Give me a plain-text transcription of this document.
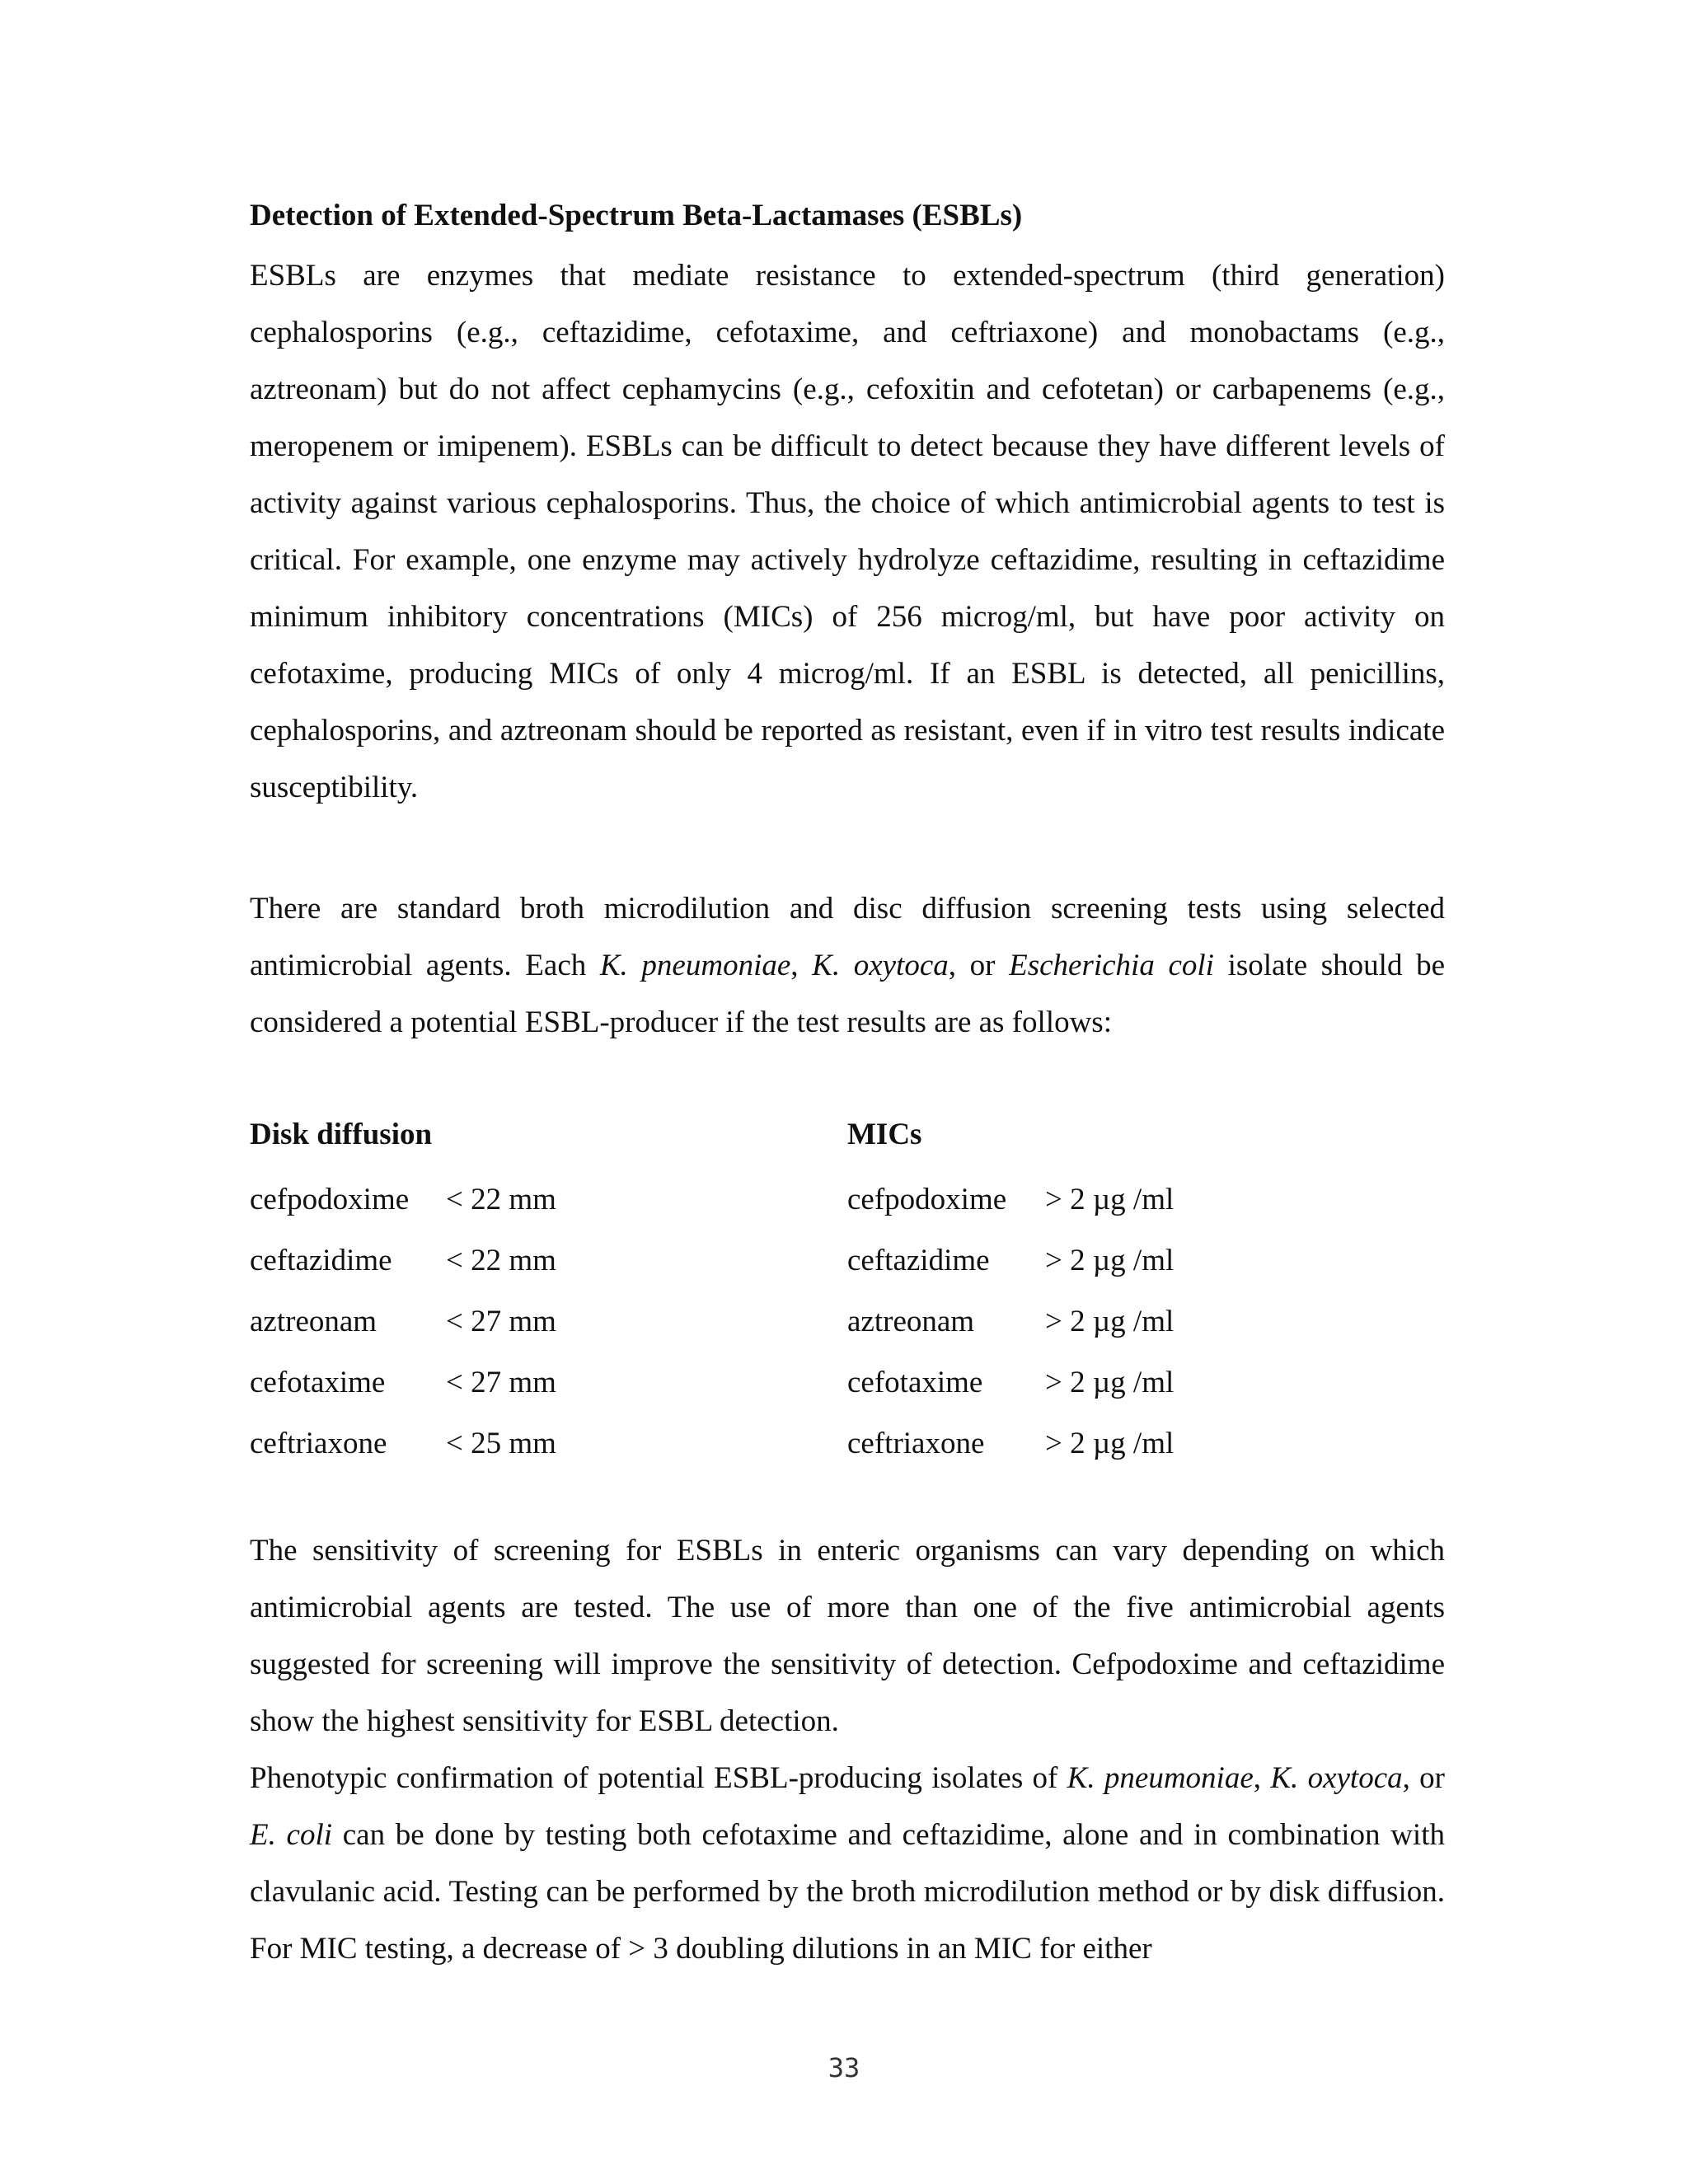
Detection of Extended-Spectrum Beta-Lactamases (ESBLs)

ESBLs are enzymes that mediate resistance to extended-spectrum (third generation) cephalosporins (e.g., ceftazidime, cefotaxime, and ceftriaxone) and monobactams (e.g., aztreonam) but do not affect cephamycins (e.g., cefoxitin and cefotetan) or carbapenems (e.g., meropenem or imipenem). ESBLs can be difficult to detect because they have different levels of activity against various cephalosporins. Thus, the choice of which antimicrobial agents to test is critical. For example, one enzyme may actively hydrolyze ceftazidime, resulting in ceftazidime minimum inhibitory concentrations (MICs) of 256 microg/ml, but have poor activity on cefotaxime, producing MICs of only 4 microg/ml. If an ESBL is detected, all penicillins, cephalosporins, and aztreonam should be reported as resistant, even if in vitro test results indicate susceptibility.

There are standard broth microdilution and disc diffusion screening tests using selected antimicrobial agents. Each K. pneumoniae, K. oxytoca, or Escherichia coli isolate should be considered a potential ESBL-producer if the test results are as follows:

Disk diffusion
cefpodoxime < 22 mm
ceftazidime < 22 mm
aztreonam < 27 mm
cefotaxime < 27 mm
ceftriaxone < 25 mm
MICs
cefpodoxime > 2 µg /ml
ceftazidime > 2 µg /ml
aztreonam > 2 µg /ml
cefotaxime > 2 µg /ml
ceftriaxone > 2 µg /ml

The sensitivity of screening for ESBLs in enteric organisms can vary depending on which antimicrobial agents are tested. The use of more than one of the five antimicrobial agents suggested for screening will improve the sensitivity of detection. Cefpodoxime and ceftazidime show the highest sensitivity for ESBL detection.

Phenotypic confirmation of potential ESBL-producing isolates of K. pneumoniae, K. oxytoca, or E. coli can be done by testing both cefotaxime and ceftazidime, alone and in combination with clavulanic acid. Testing can be performed by the broth microdilution method or by disk diffusion. For MIC testing, a decrease of > 3 doubling dilutions in an MIC for either

33
